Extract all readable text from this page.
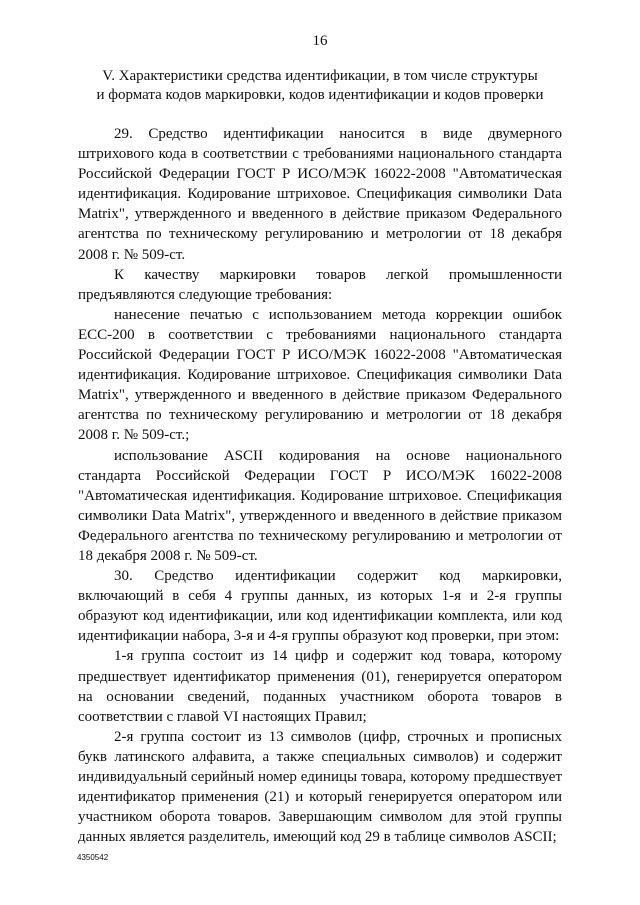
16
V. Характеристики средства идентификации, в том числе структуры
и формата кодов маркировки, кодов идентификации и кодов проверки

29. Средство идентификации наносится в виде двумерного штрихового кода в соответствии с требованиями национального стандарта Российской Федерации ГОСТ Р ИСО/МЭК 16022-2008 "Автоматическая идентификация. Кодирование штриховое. Спецификация символики Data Matrix", утвержденного и введенного в действие приказом Федерального агентства по техническому регулированию и метрологии от 18 декабря 2008 г. № 509-ст.

К качеству маркировки товаров легкой промышленности предъявляются следующие требования:

нанесение печатью с использованием метода коррекции ошибок ЕСС-200 в соответствии с требованиями национального стандарта Российской Федерации ГОСТ Р ИСО/МЭК 16022-2008 "Автоматическая идентификация. Кодирование штриховое. Спецификация символики Data Matrix", утвержденного и введенного в действие приказом Федерального агентства по техническому регулированию и метрологии от 18 декабря 2008 г. № 509-ст.;

использование ASCII кодирования на основе национального стандарта Российской Федерации ГОСТ Р ИСО/МЭК 16022-2008 "Автоматическая идентификация. Кодирование штриховое. Спецификация символики Data Matrix", утвержденного и введенного в действие приказом Федерального агентства по техническому регулированию и метрологии от 18 декабря 2008 г. № 509-ст.

30. Средство идентификации содержит код маркировки, включающий в себя 4 группы данных, из которых 1-я и 2-я группы образуют код идентификации, или код идентификации комплекта, или код идентификации набора, 3-я и 4-я группы образуют код проверки, при этом:

1-я группа состоит из 14 цифр и содержит код товара, которому предшествует идентификатор применения (01), генерируется оператором на основании сведений, поданных участником оборота товаров в соответствии с главой VI настоящих Правил;

2-я группа состоит из 13 символов (цифр, строчных и прописных букв латинского алфавита, а также специальных символов) и содержит индивидуальный серийный номер единицы товара, которому предшествует идентификатор применения (21) и который генерируется оператором или участником оборота товаров. Завершающим символом для этой группы данных является разделитель, имеющий код 29 в таблице символов ASCII;

4350542
